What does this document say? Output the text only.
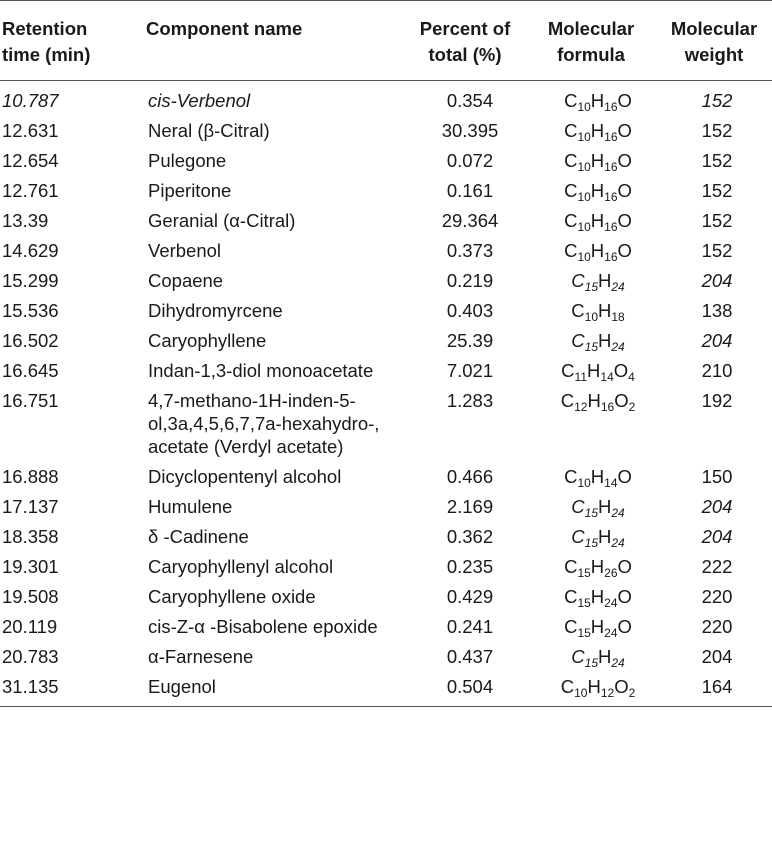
Retention time (min)	Component name	Percent of total (%)	Molecular formula	Molecular weight
10.787	cis-Verbenol	0.354	$C_{10}H_{16}O$	152
12.631	Neral (β-Citral)	30.395	$C_{10}H_{16}O$	152
12.654	Pulegone	0.072	$C_{10}H_{16}O$	152
12.761	Piperitone	0.161	$C_{10}H_{16}O$	152
13.39	Geranial (α-Citral)	29.364	$C_{10}H_{16}O$	152
14.629	Verbenol	0.373	$C_{10}H_{16}O$	152
15.299	Copaene	0.219	$C_{15}H_{24}$	204
15.536	Dihydromyrcene	0.403	$C_{10}H_{18}$	138
16.502	Caryophyllene	25.39	$C_{15}H_{24}$	204
16.645	Indan-1,3-diol monoacetate	7.021	$C_{11}H_{14}O_4$	210
16.751	4,7-methano-1H-inden-5-ol,3a,4,5,6,7,7a-hexahydro-, acetate (Verdyl acetate)	1.283	$C_{12}H_{16}O_2$	192
16.888	Dicyclopentenyl alcohol	0.466	$C_{10}H_{14}O$	150
17.137	Humulene	2.169	$C_{15}H_{24}$	204
18.358	δ -Cadinene	0.362	$C_{15}H_{24}$	204
19.301	Caryophyllenyl alcohol	0.235	$C_{15}H_{26}O$	222
19.508	Caryophyllene oxide	0.429	$C_{15}H_{24}O$	220
20.119	cis-Z-α -Bisabolene epoxide	0.241	$C_{15}H_{24}O$	220
20.783	α-Farnesene	0.437	$C_{15}H_{24}$	204
31.135	Eugenol	0.504	$C_{10}H_{12}O_2$	164
